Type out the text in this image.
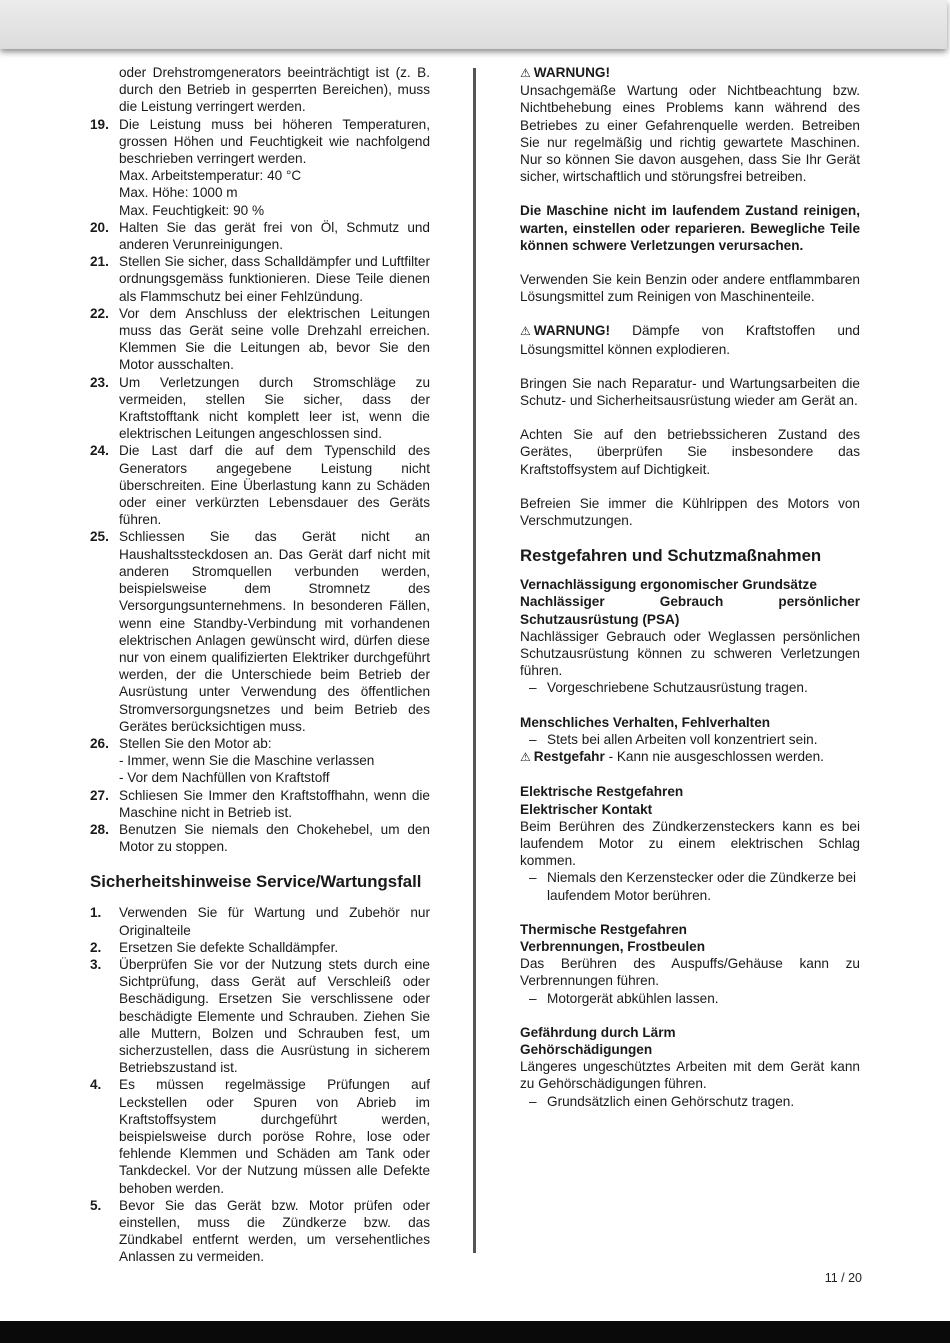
oder Drehstromgenerators beeinträchtigt ist (z. B. durch den Betrieb in gesperrten Bereichen), muss die Leistung verringert werden.
19. Die Leistung muss bei höheren Temperaturen, grossen Höhen und Feuchtigkeit wie nachfolgend beschrieben verringert werden.
Max. Arbeitstemperatur: 40 °C
Max. Höhe: 1000 m
Max. Feuchtigkeit: 90 %
20. Halten Sie das gerät frei von Öl, Schmutz und anderen Verunreinigungen.
21. Stellen Sie sicher, dass Schalldämpfer und Luftfilter ordnungsgemäss funktionieren. Diese Teile dienen als Flammschutz bei einer Fehlzündung.
22. Vor dem Anschluss der elektrischen Leitungen muss das Gerät seine volle Drehzahl erreichen. Klemmen Sie die Leitungen ab, bevor Sie den Motor ausschalten.
23. Um Verletzungen durch Stromschläge zu vermeiden, stellen Sie sicher, dass der Kraftstofftank nicht komplett leer ist, wenn die elektrischen Leitungen angeschlossen sind.
24. Die Last darf die auf dem Typenschild des Generators angegebene Leistung nicht überschreiten. Eine Überlastung kann zu Schäden oder einer verkürzten Lebensdauer des Geräts führen.
25. Schliessen Sie das Gerät nicht an Haushaltssteckdosen an. Das Gerät darf nicht mit anderen Stromquellen verbunden werden, beispielsweise dem Stromnetz des Versorgungsunternehmens. In besonderen Fällen, wenn eine Standby-Verbindung mit vorhandenen elektrischen Anlagen gewünscht wird, dürfen diese nur von einem qualifizierten Elektriker durchgeführt werden, der die Unterschiede beim Betrieb der Ausrüstung unter Verwendung des öffentlichen Stromversorgungsnetzes und beim Betrieb des Gerätes berücksichtigen muss.
26. Stellen Sie den Motor ab:
- Immer, wenn Sie die Maschine verlassen
- Vor dem Nachfüllen von Kraftstoff
27. Schliesen Sie Immer den Kraftstoffhahn, wenn die Maschine nicht in Betrieb ist.
28. Benutzen Sie niemals den Chokehebel, um den Motor zu stoppen.
Sicherheitshinweise Service/Wartungsfall
1.	Verwenden Sie für Wartung und Zubehör nur Originalteile
2.	Ersetzen Sie defekte Schalldämpfer.
3.	Überprüfen Sie vor der Nutzung stets durch eine Sichtprüfung, dass Gerät auf Verschleiß oder Beschädigung. Ersetzen Sie verschlissene oder beschädigte Elemente und Schrauben. Ziehen Sie alle Muttern, Bolzen und Schrauben fest, um sicherzustellen, dass die Ausrüstung in sicherem Betriebszustand ist.
4.	Es müssen regelmässige Prüfungen auf Leckstellen oder Spuren von Abrieb im Kraftstoffsystem durchgeführt werden, beispielsweise durch poröse Rohre, lose oder fehlende Klemmen und Schäden am Tank oder Tankdeckel. Vor der Nutzung müssen alle Defekte behoben werden.
5.	Bevor Sie das Gerät bzw. Motor prüfen oder einstellen, muss die Zündkerze bzw. das Zündkabel entfernt werden, um versehentliches Anlassen zu vermeiden.
⚠ WARNUNG!

Unsachgemäße Wartung oder Nichtbeachtung bzw. Nichtbehebung eines Problems kann während des Betriebes zu einer Gefahrenquelle werden. Betreiben Sie nur regelmäßig und richtig gewartete Maschinen. Nur so können Sie davon ausgehen, dass Sie Ihr Gerät sicher, wirtschaftlich und störungsfrei betreiben.

Die Maschine nicht im laufendem Zustand reinigen, warten, einstellen oder reparieren. Bewegliche Teile können schwere Verletzungen verursachen.

Verwenden Sie kein Benzin oder andere entflammbaren Lösungsmittel zum Reinigen von Maschinenteile.

⚠ WARNUNG! Dämpfe von Kraftstoffen und Lösungsmittel können explodieren.

Bringen Sie nach Reparatur- und Wartungsarbeiten die Schutz- und Sicherheitsausrüstung wieder am Gerät an.

Achten Sie auf den betriebssicheren Zustand des Gerätes, überprüfen Sie insbesondere das Kraftstoffsystem auf Dichtigkeit.

Befreien Sie immer die Kühlrippen des Motors von Verschmutzungen.

Restgefahren und Schutzmaßnahmen
Vernachlässigung ergonomischer Grundsätze
Nachlässiger Gebrauch persönlicher Schutzausrüstung (PSA)

Nachlässiger Gebrauch oder Weglassen persönlichen Schutzausrüstung können zu schweren Verletzungen führen.

– Vorgeschriebene Schutzausrüstung tragen.
Menschliches Verhalten, Fehlverhalten
– Stets bei allen Arbeiten voll konzentriert sein.
⚠ Restgefahr - Kann nie ausgeschlossen werden.
Elektrische Restgefahren
Elektrischer Kontakt

Beim Berühren des Zündkerzensteckers kann es bei laufendem Motor zu einem elektrischen Schlag kommen.

– Niemals den Kerzenstecker oder die Zündkerze bei laufendem Motor berühren.
Thermische Restgefahren
Verbrennungen, Frostbeulen

Das Berühren des Auspuffs/Gehäuse kann zu Verbrennungen führen.

– Motorgerät abkühlen lassen.
Gefährdung durch Lärm
Gehörschädigungen

Längeres ungeschütztes Arbeiten mit dem Gerät kann zu Gehörschädigungen führen.

– Grundsätzlich einen Gehörschutz tragen.
11 / 20
